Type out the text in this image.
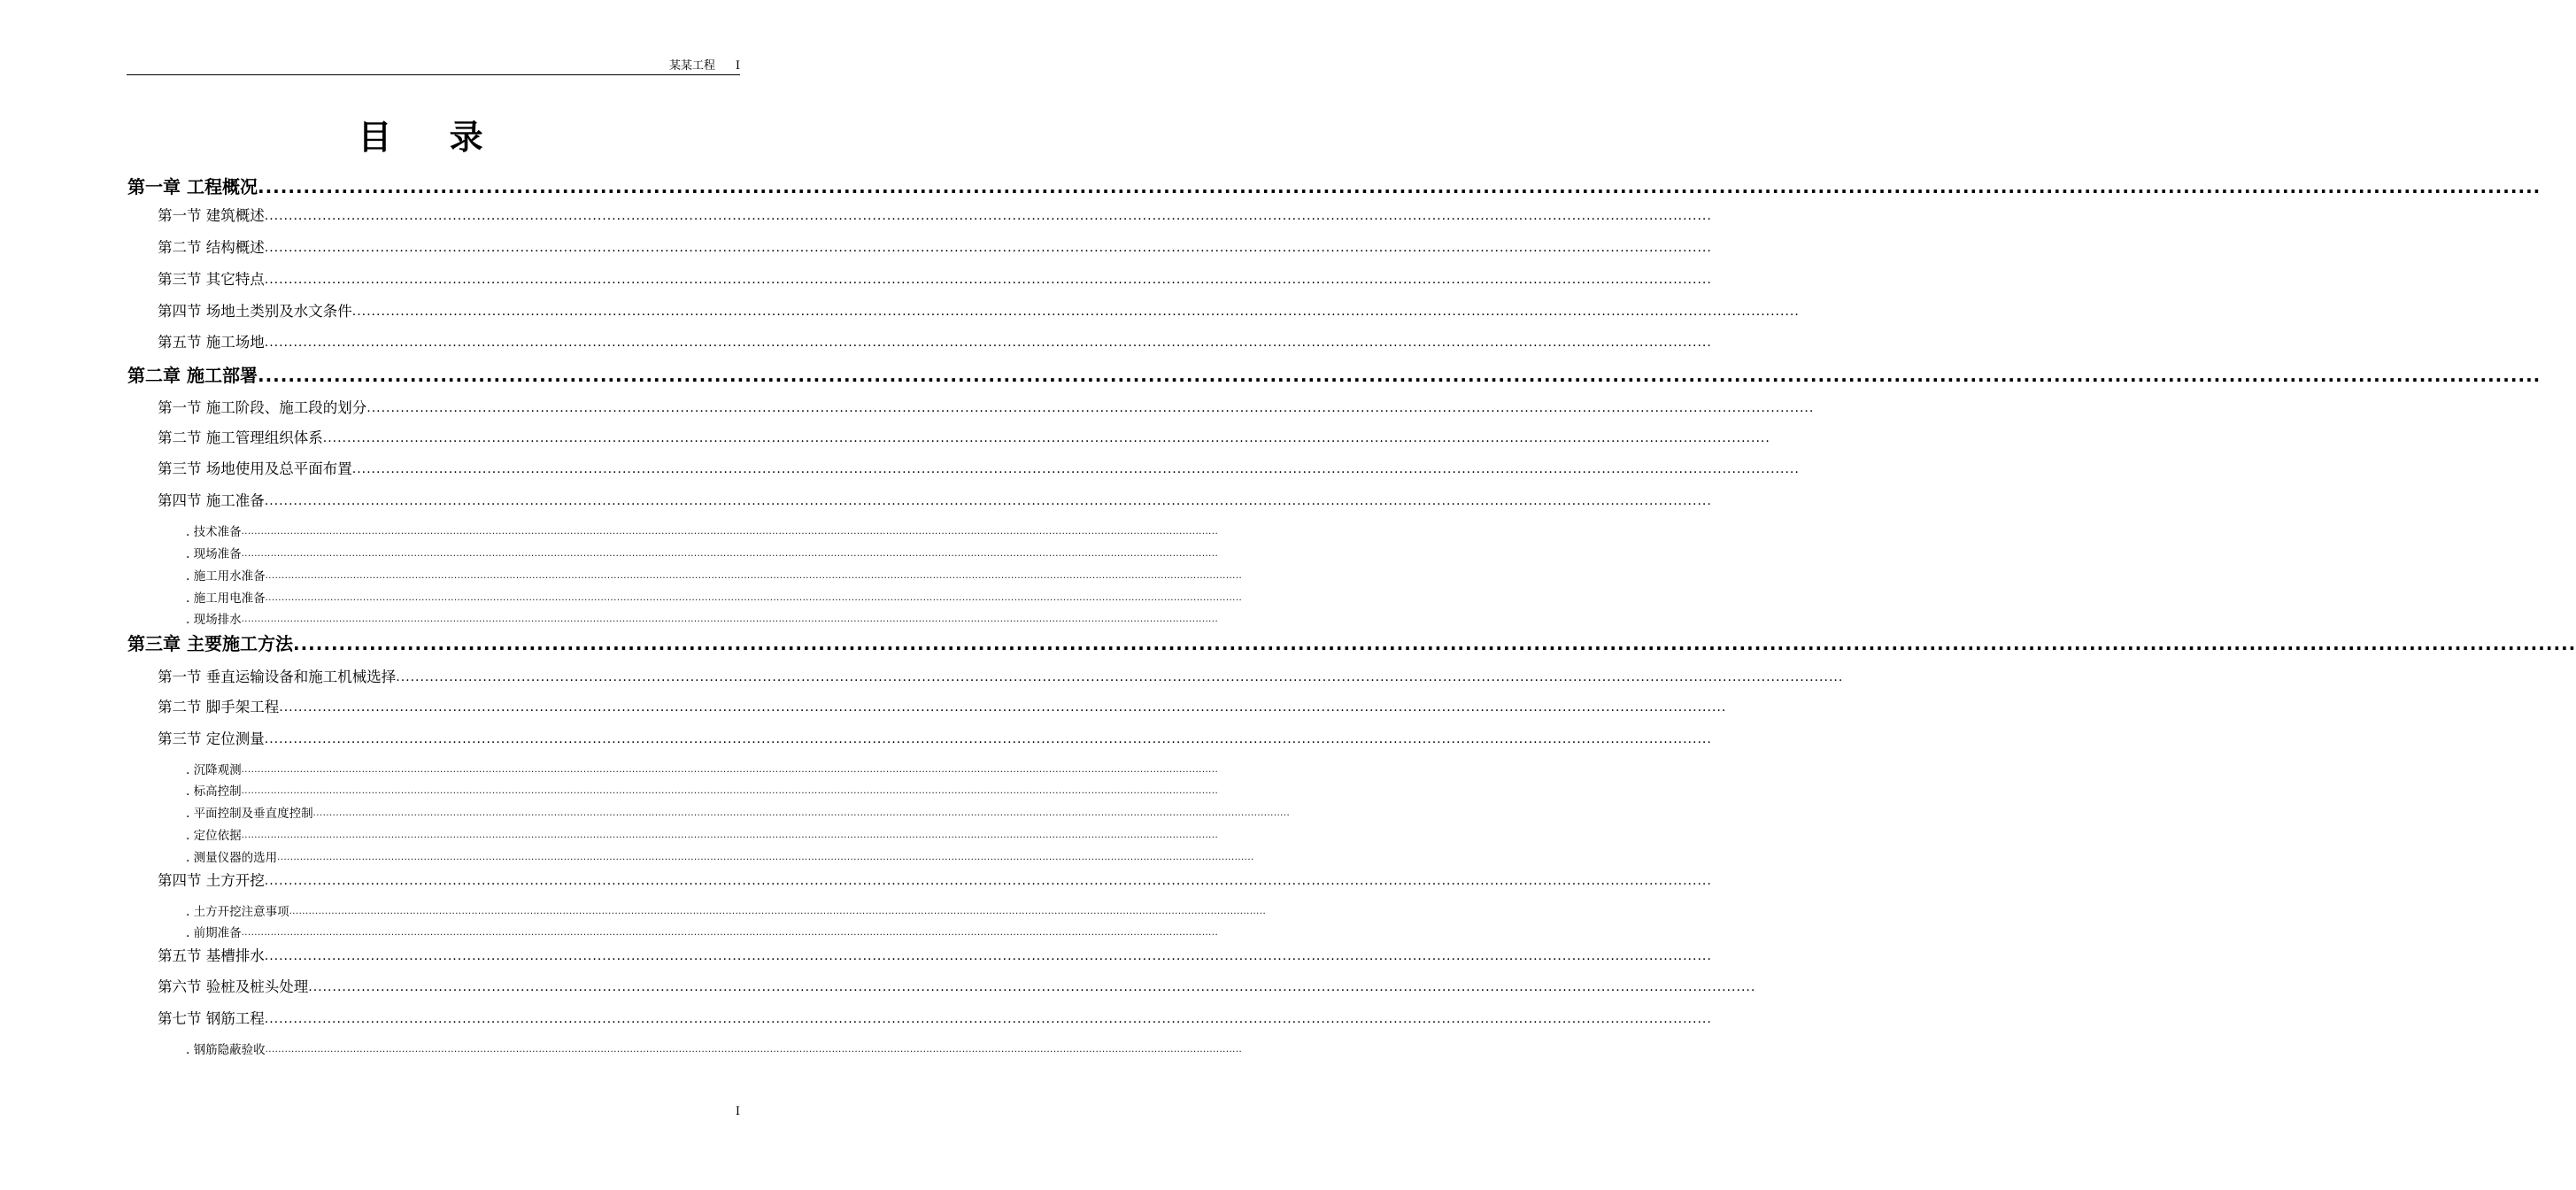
某某工程 I
目 录
第一章 工程概况 ............................................................................................................................................................................................................................................................................................................
第一节 建筑概述 ............................................................................................................................................................................................................................................................................................................
第二节 结构概述 ............................................................................................................................................................................................................................................................................................................
第三节 其它特点 ............................................................................................................................................................................................................................................................................................................
第四节 场地土类别及水文条件 ............................................................................................................................................................................................................................................................................................................
第五节 施工场地 ............................................................................................................................................................................................................................................................................................................
第二章 施工部署 ............................................................................................................................................................................................................................................................................................................
第一节 施工阶段、施工段的划分 ............................................................................................................................................................................................................................................................................................................
第二节 施工管理组织体系 ............................................................................................................................................................................................................................................................................................................
第三节 场地使用及总平面布置 ............................................................................................................................................................................................................................................................................................................
第四节 施工准备 ............................................................................................................................................................................................................................................................................................................
. 技术准备 ............................................................................................................................................................................................................................................................................................................
. 现场准备 ............................................................................................................................................................................................................................................................................................................
. 施工用水准备 ............................................................................................................................................................................................................................................................................................................
. 施工用电准备 ............................................................................................................................................................................................................................................................................................................
. 现场排水 ............................................................................................................................................................................................................................................................................................................
第三章 主要施工方法 ............................................................................................................................................................................................................................................................................................................
第一节 垂直运输设备和施工机械选择 ............................................................................................................................................................................................................................................................................................................
第二节 脚手架工程 ............................................................................................................................................................................................................................................................................................................
第三节 定位测量 ............................................................................................................................................................................................................................................................................................................
. 沉降观测 ............................................................................................................................................................................................................................................................................................................
. 标高控制 ............................................................................................................................................................................................................................................................................................................
. 平面控制及垂直度控制 ............................................................................................................................................................................................................................................................................................................
. 定位依据 ............................................................................................................................................................................................................................................................................................................
. 测量仪器的选用 ............................................................................................................................................................................................................................................................................................................
第四节 土方开挖 ............................................................................................................................................................................................................................................................................................................
. 土方开挖注意事项 ............................................................................................................................................................................................................................................................................................................
. 前期准备 ............................................................................................................................................................................................................................................................................................................
第五节 基槽排水 ............................................................................................................................................................................................................................................................................................................
第六节 验桩及桩头处理 ............................................................................................................................................................................................................................................................................................................
第七节 钢筋工程 ............................................................................................................................................................................................................................................................................................................
. 钢筋隐蔽验收 ............................................................................................................................................................................................................................................................................................................
I
